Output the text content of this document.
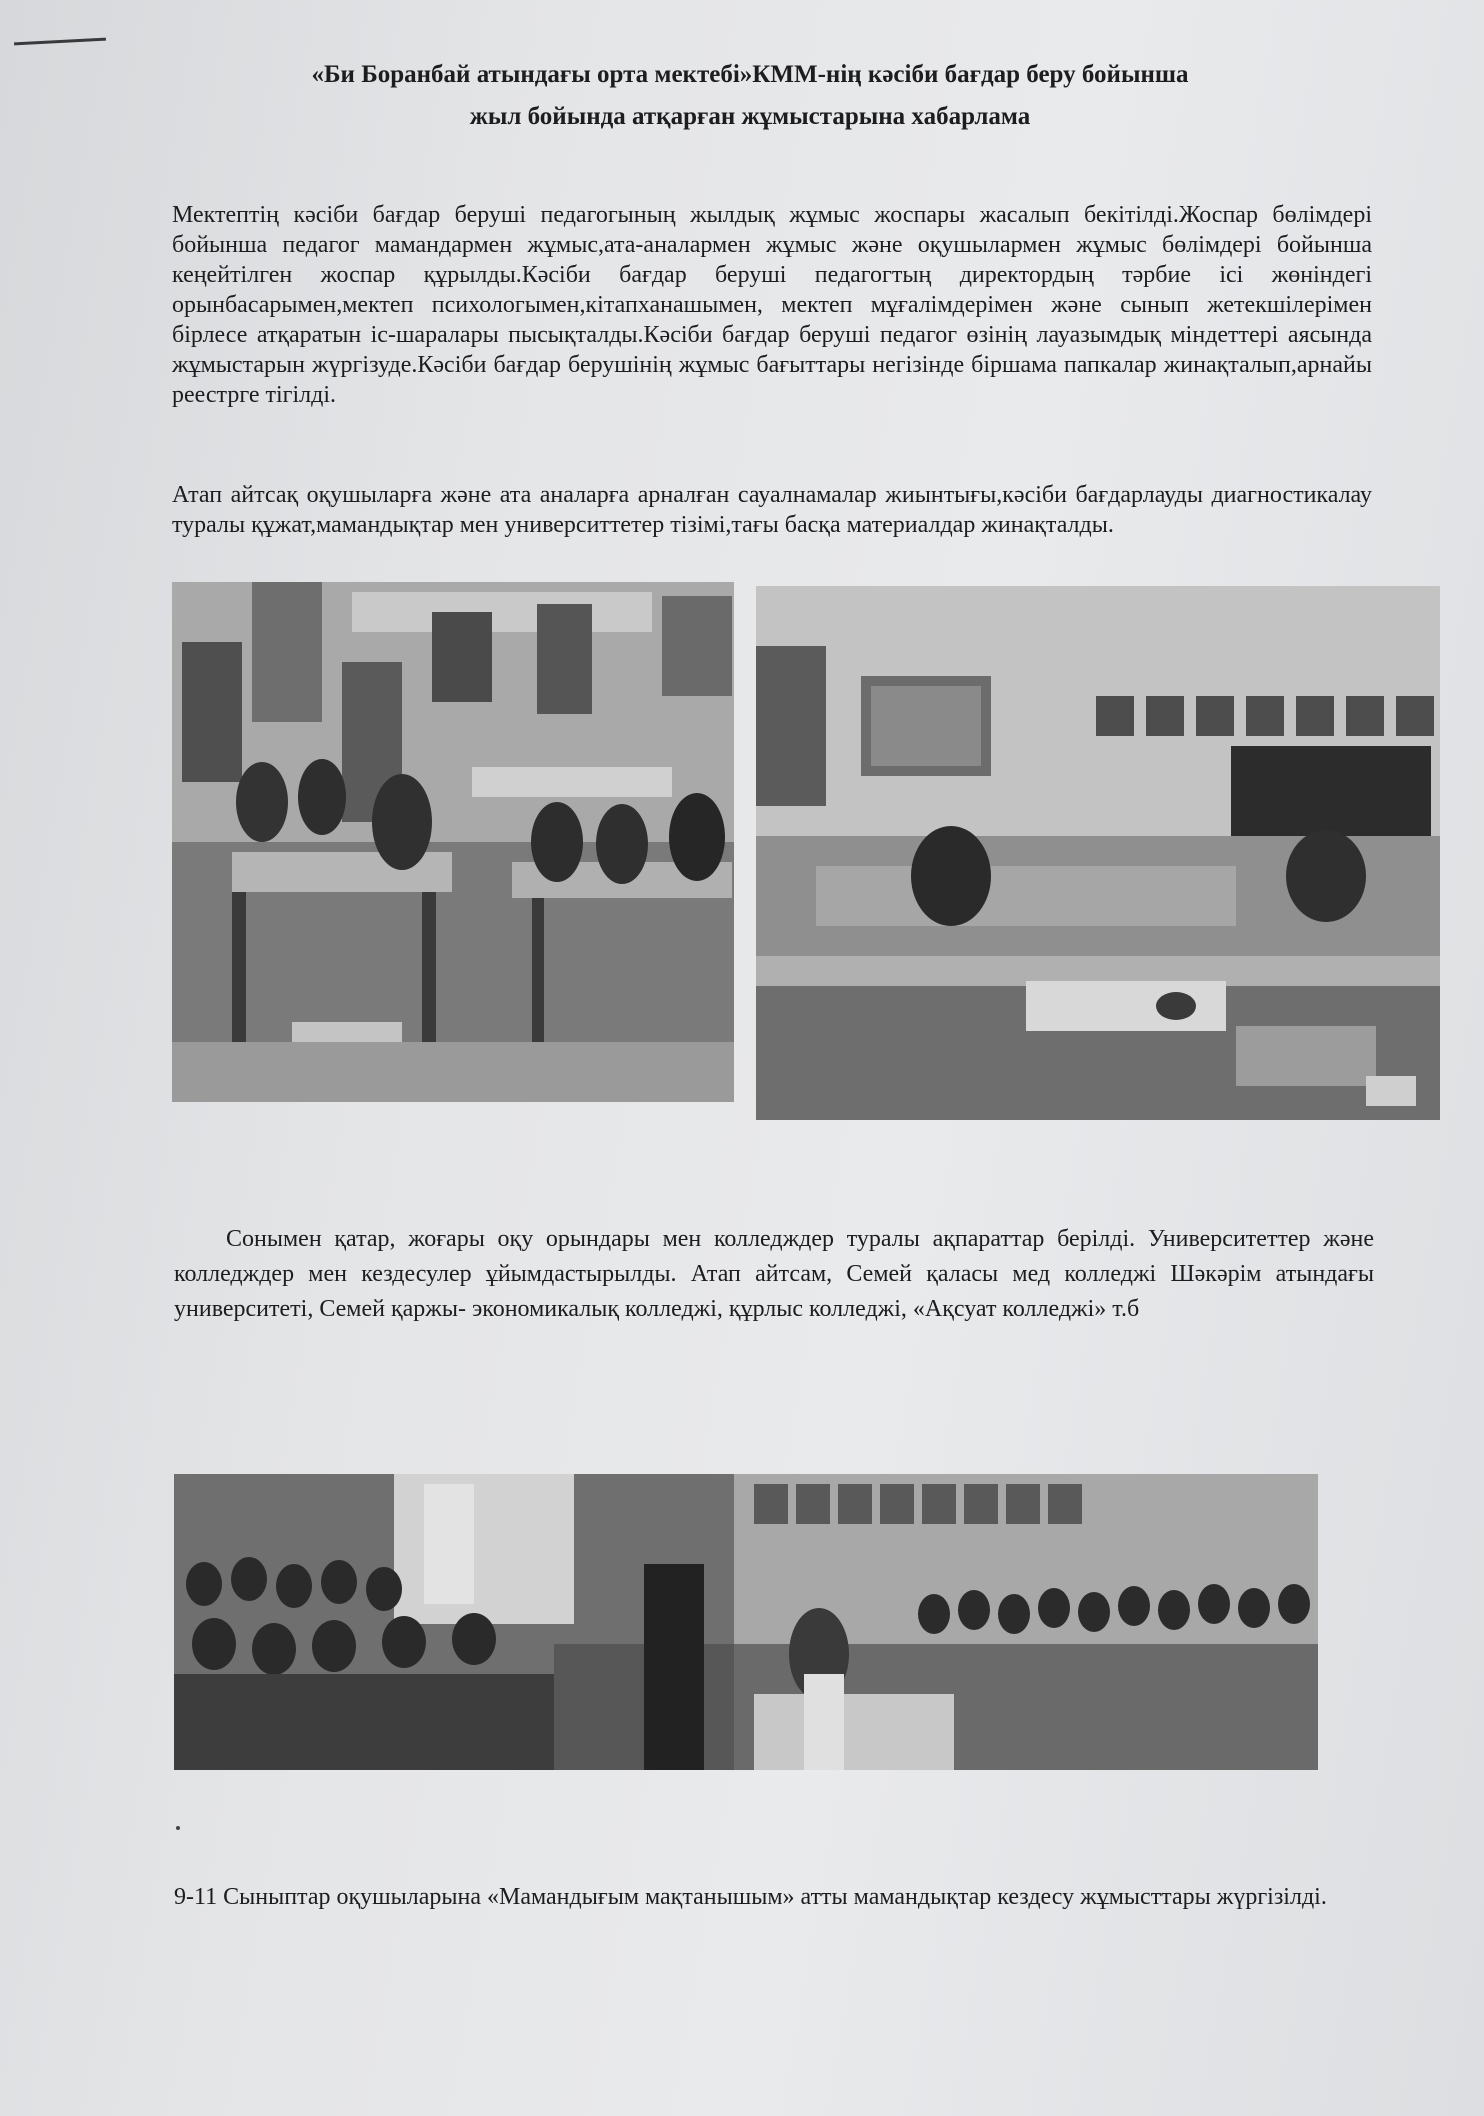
«Би Боранбай атындағы орта мектебі»КММ-нің кәсіби бағдар беру бойынша
жыл бойында атқарған жұмыстарына хабарлама

Мектептің кәсіби бағдар беруші педагогының жылдық жұмыс жоспары жасалып бекітілді.Жоспар бөлімдері бойынша педагог мамандармен жұмыс,ата-аналармен жұмыс және оқушылармен жұмыс бөлімдері бойынша кеңейтілген жоспар құрылды.Кәсіби бағдар беруші педагогтың директордың тәрбие ісі жөніндегі орынбасарымен,мектеп психологымен,кітапханашымен, мектеп мұғалімдерімен және сынып жетекшілерімен бірлесе атқаратын іс-шаралары пысықталды.Кәсіби бағдар беруші педагог өзінің лауазымдық міндеттері аясында жұмыстарын жүргізуде.Кәсіби бағдар берушінің жұмыс бағыттары негізінде біршама папкалар жинақталып,арнайы реестрге тігілді.

Атап айтсақ оқушыларға және ата аналарға арналған сауалнамалар жиынтығы,кәсіби бағдарлауды диагностикалау туралы құжат,мамандықтар мен университтетер тізімі,тағы басқа материалдар жинақталды.

Сонымен қатар, жоғары оқу орындары мен колледждер туралы ақпараттар берілді. Университеттер және колледждер мен кездесулер ұйымдастырылды. Атап айтсам, Семей қаласы мед колледжі Шәкәрім атындағы университеті, Семей қаржы- экономикалық колледжі, құрлыс колледжі, «Ақсуат колледжі» т.б

9-11 Сыныптар оқушыларына «Мамандығым мақтанышым» атты мамандықтар кездесу жұмысттары жүргізілді.
